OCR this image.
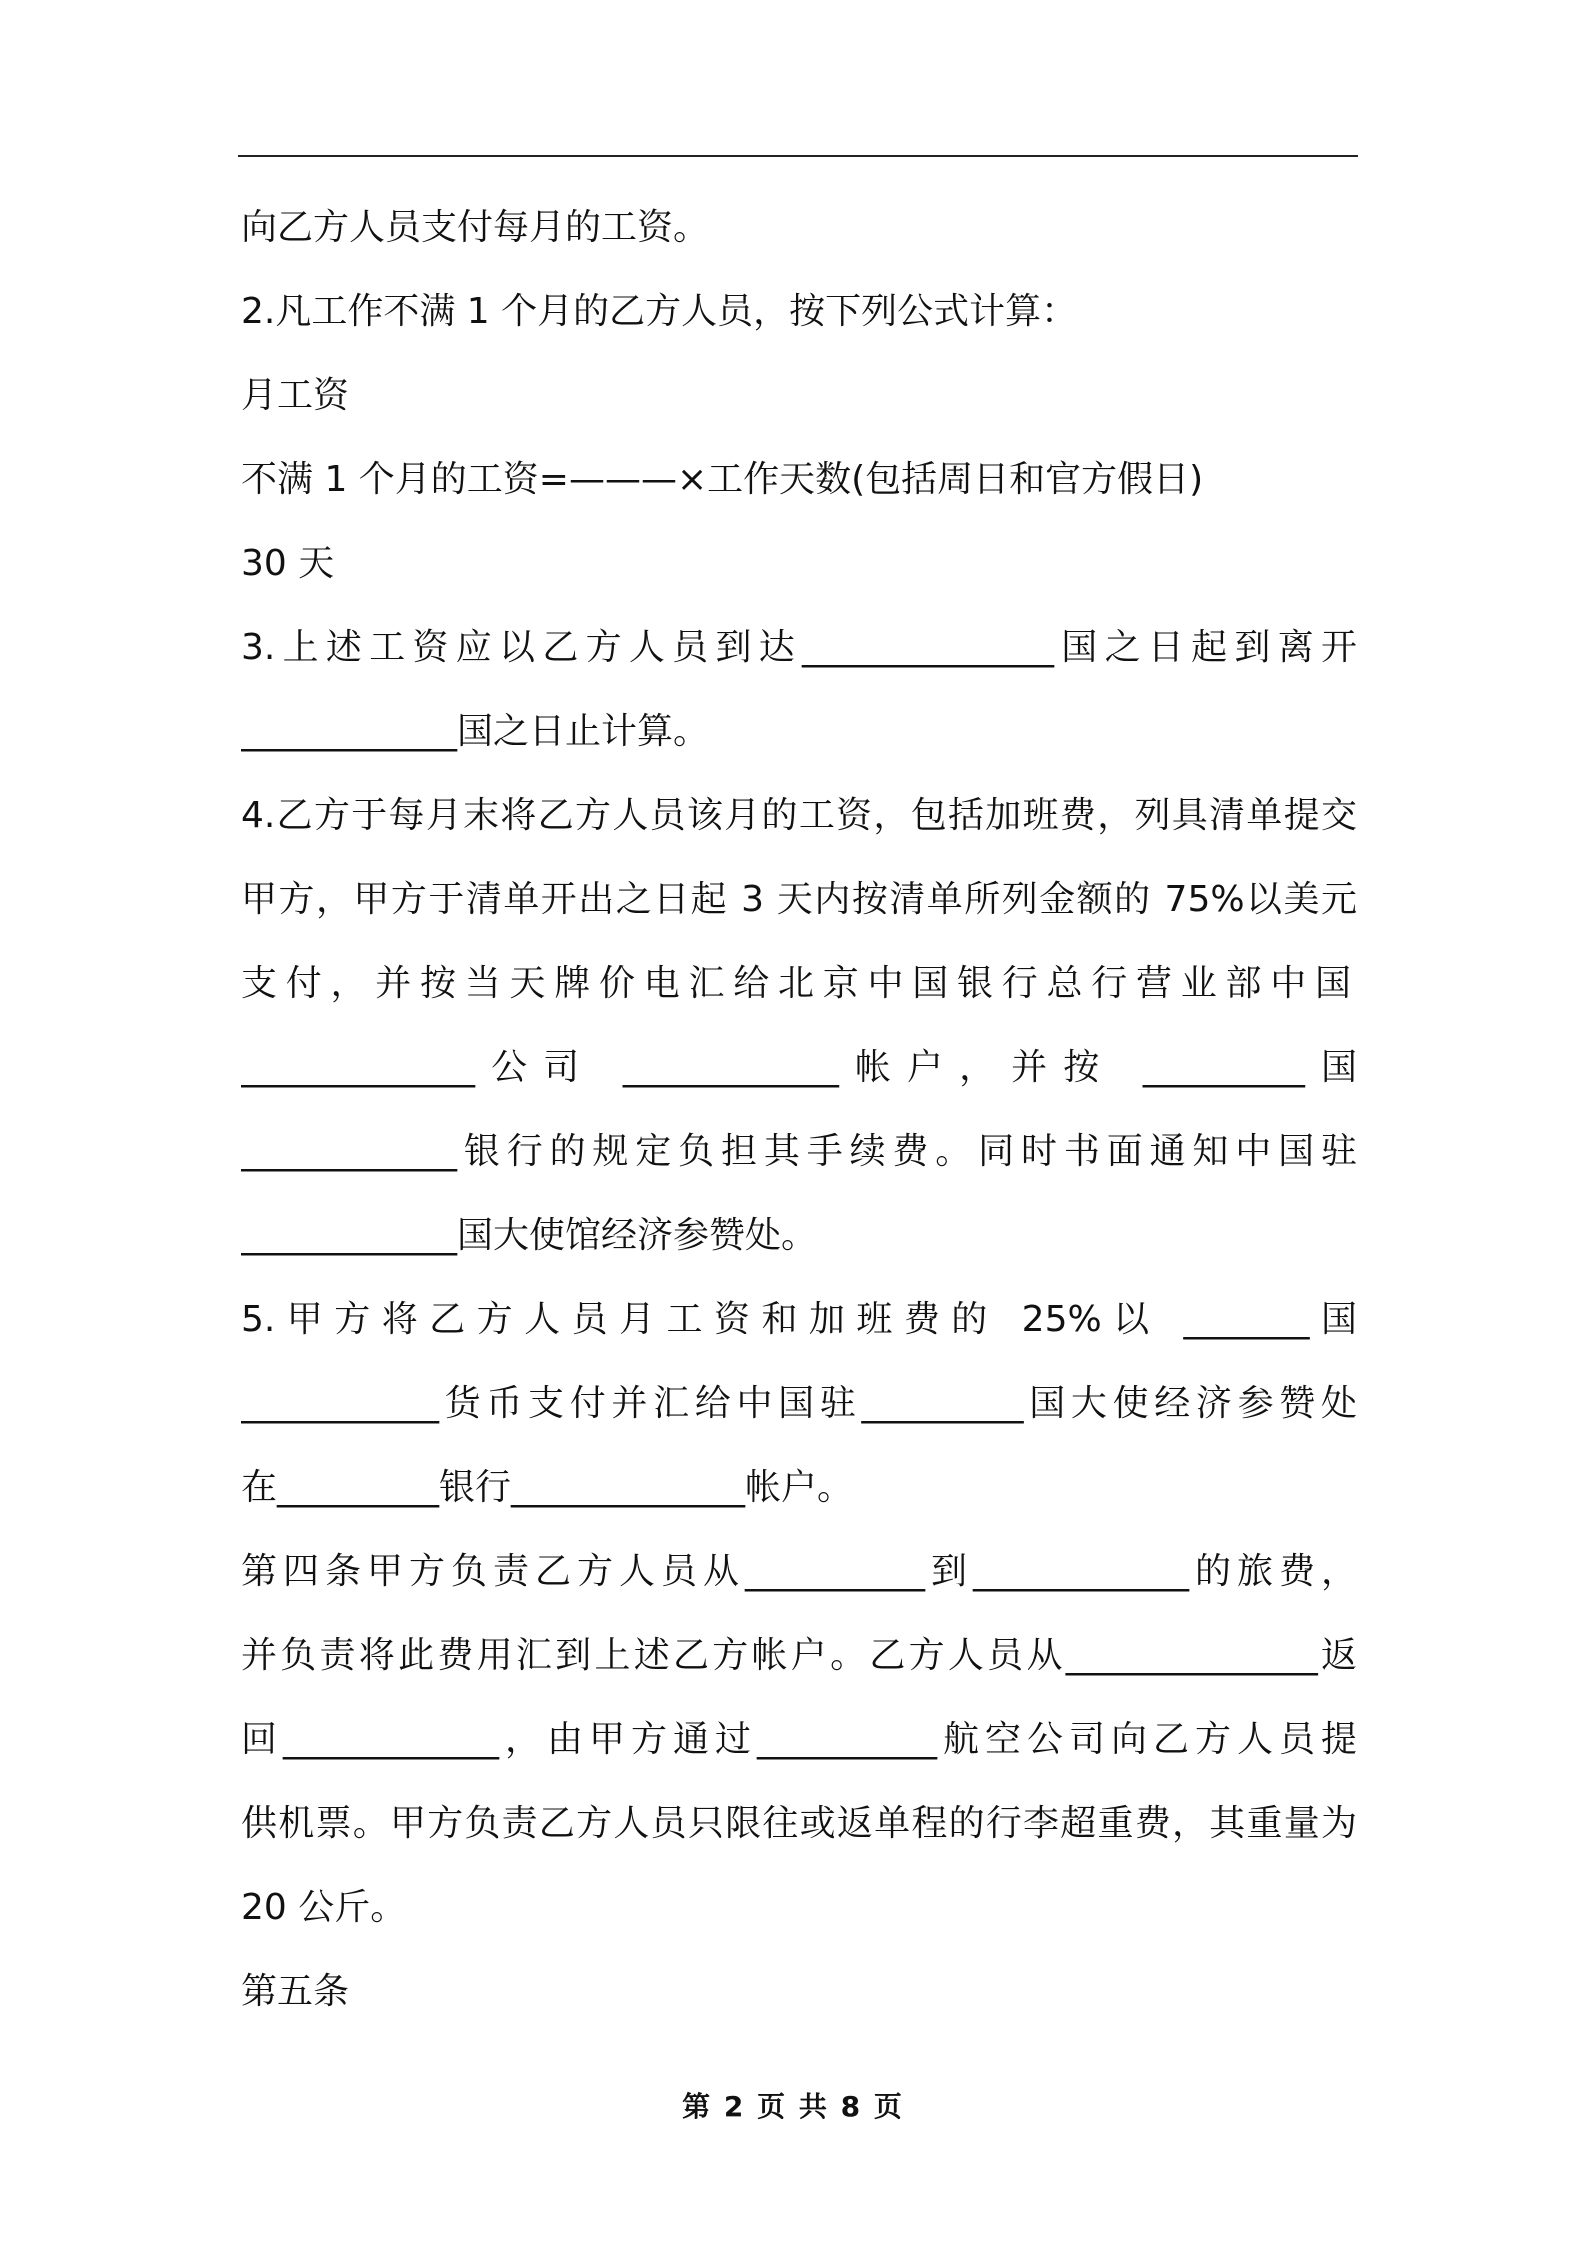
向乙方人员支付每月的工资。
2.凡工作不满 1 个月的乙方人员，按下列公式计算：
月工资
不满 1 个月的工资=———×工作天数(包括周日和官方假日)
30 天
3.上述工资应以乙方人员到达______________国之日起到离开
____________国之日止计算。
4.乙方于每月末将乙方人员该月的工资，包括加班费，列具清单提交
甲方，甲方于清单开出之日起 3 天内按清单所列金额的 75%以美元
支付，并按当天牌价电汇给北京中国银行总行营业部中国
_____________公司 ____________帐户，并按 _________国
____________银行的规定负担其手续费。同时书面通知中国驻
____________国大使馆经济参赞处。
5.甲方将乙方人员月工资和加班费的 25%以 _______国
___________货币支付并汇给中国驻_________国大使经济参赞处
在_________银行_____________帐户。
第四条甲方负责乙方人员从__________到____________的旅费，
并负责将此费用汇到上述乙方帐户。乙方人员从______________返
回____________，由甲方通过__________航空公司向乙方人员提
供机票。甲方负责乙方人员只限往或返单程的行李超重费，其重量为
20 公斤。
第五条
第 2 页 共 8 页
